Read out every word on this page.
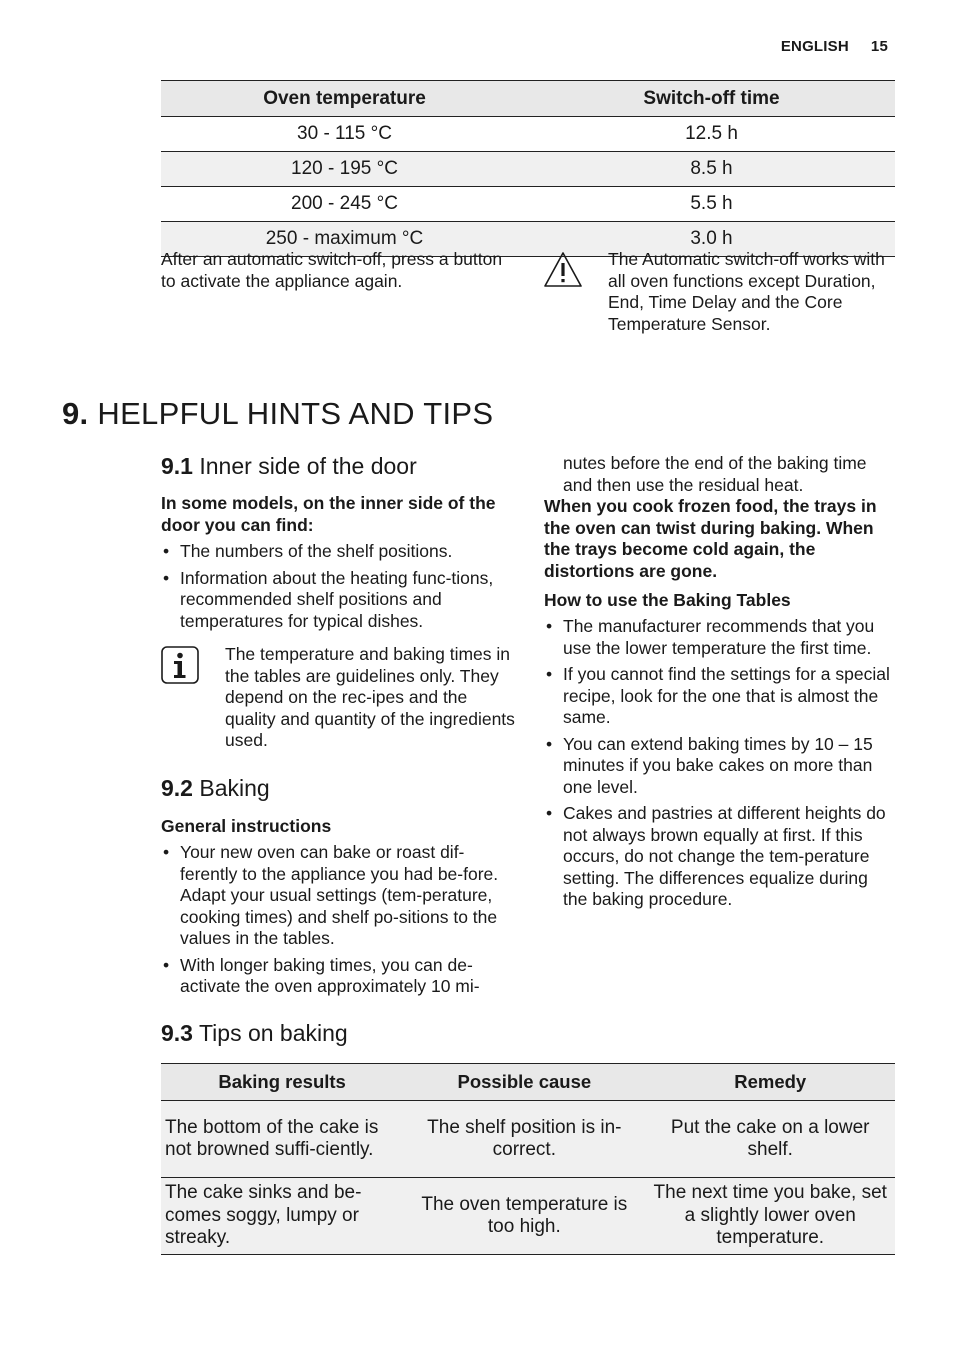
ENGLISH 15
Oven temperature	Switch-off time
30 - 115 °C	12.5 h
120 - 195 °C	8.5 h
200 - 245 °C	5.5 h
250 - maximum °C	3.0 h
After an automatic switch-off, press a button to activate the appliance again.
The Automatic switch-off works with all oven functions except Duration, End, Time Delay and the Core Temperature Sensor.
9. HELPFUL HINTS AND TIPS
9.1 Inner side of the door
In some models, on the inner side of the door you can find:
• The numbers of the shelf positions.
• Information about the heating func-tions, recommended shelf positions and temperatures for typical dishes.
The temperature and baking times in the tables are guidelines only. They depend on the rec-ipes and the quality and quantity of the ingredients used.
9.2 Baking
General instructions
• Your new oven can bake or roast dif-ferently to the appliance you had be-fore. Adapt your usual settings (tem-perature, cooking times) and shelf po-sitions to the values in the tables.
• With longer baking times, you can de-activate the oven approximately 10 mi-
nutes before the end of the baking time and then use the residual heat.
When you cook frozen food, the trays in the oven can twist during baking. When the trays become cold again, the distortions are gone.
How to use the Baking Tables
• The manufacturer recommends that you use the lower temperature the first time.
• If you cannot find the settings for a special recipe, look for the one that is almost the same.
• You can extend baking times by 10 – 15 minutes if you bake cakes on more than one level.
• Cakes and pastries at different heights do not always brown equally at first. If this occurs, do not change the tem-perature setting. The differences equalize during the baking procedure.
9.3 Tips on baking
Baking results	Possible cause	Remedy
The bottom of the cake is not browned suffi-ciently.	The shelf position is in-correct.	Put the cake on a lower shelf.
The cake sinks and be-comes soggy, lumpy or streaky.	The oven temperature is too high.	The next time you bake, set a slightly lower oven temperature.
